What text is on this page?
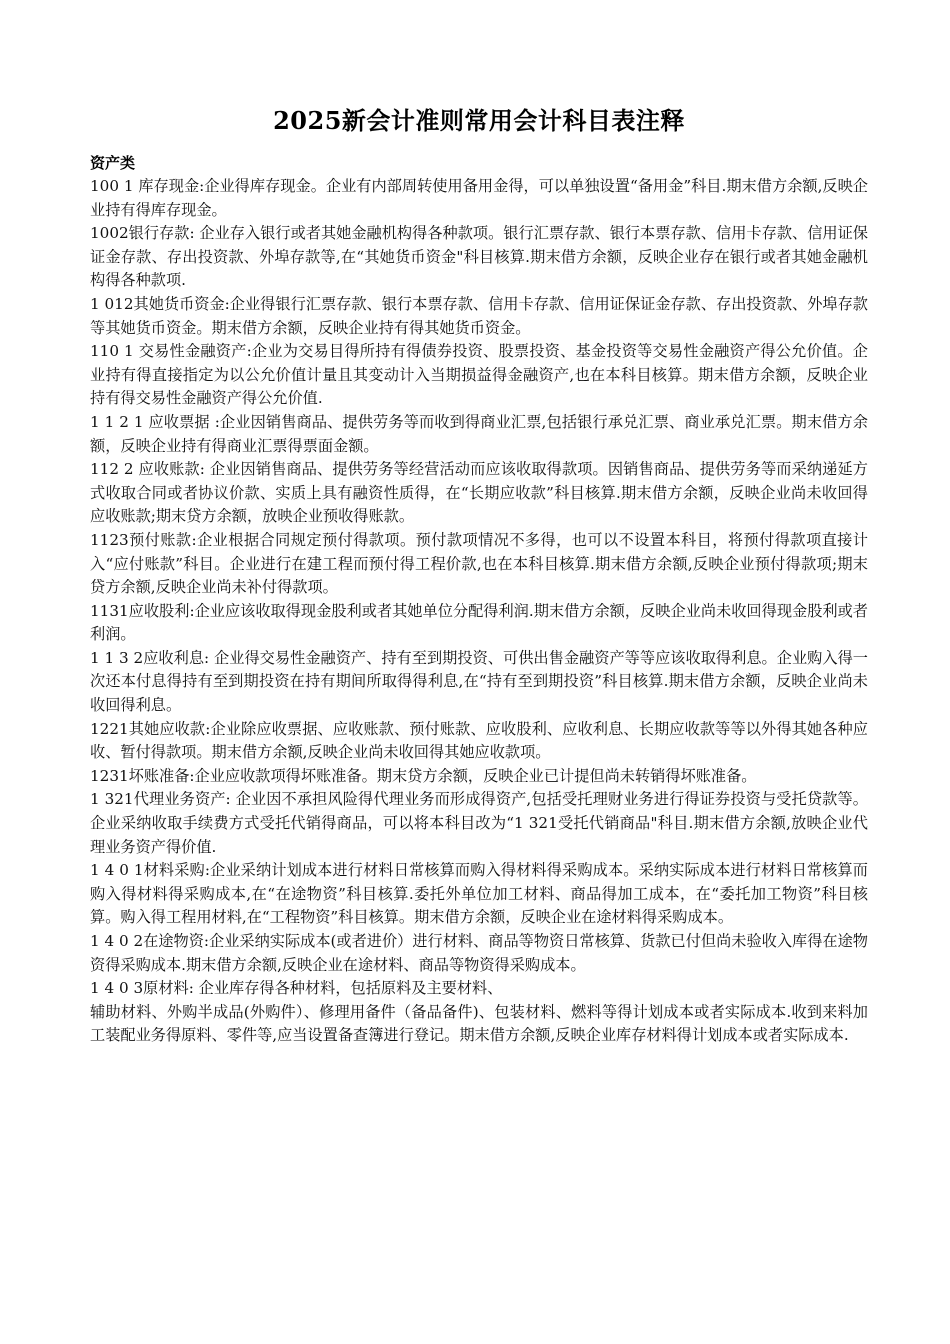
2025新会计准则常用会计科目表注释
资产类

100 1 库存现金:企业得库存现金。企业有内部周转使用备用金得，可以单独设置“备用金”科目.期末借方余额,反映企业持有得库存现金。

1002银行存款: 企业存入银行或者其她金融机构得各种款项。银行汇票存款、银行本票存款、信用卡存款、信用证保证金存款、存出投资款、外埠存款等,在“其她货币资金"科目核算.期末借方余额，反映企业存在银行或者其她金融机构得各种款项.

1 012其她货币资金:企业得银行汇票存款、银行本票存款、信用卡存款、信用证保证金存款、存出投资款、外埠存款等其她货币资金。期末借方余额，反映企业持有得其她货币资金。

110 1 交易性金融资产:企业为交易目得所持有得债券投资、股票投资、基金投资等交易性金融资产得公允价值。企业持有得直接指定为以公允价值计量且其变动计入当期损益得金融资产,也在本科目核算。期末借方余额，反映企业持有得交易性金融资产得公允价值.

1 1 2 1 应收票据 :企业因销售商品、提供劳务等而收到得商业汇票,包括银行承兑汇票、商业承兑汇票。期末借方余额，反映企业持有得商业汇票得票面金额。

112 2 应收账款: 企业因销售商品、提供劳务等经营活动而应该收取得款项。因销售商品、提供劳务等而采纳递延方式收取合同或者协议价款、实质上具有融资性质得，在“长期应收款”科目核算.期末借方余额，反映企业尚未收回得应收账款;期末贷方余额，放映企业预收得账款。

1123预付账款:企业根据合同规定预付得款项。预付款项情况不多得，也可以不设置本科目，将预付得款项直接计入“应付账款”科目。企业进行在建工程而预付得工程价款,也在本科目核算.期末借方余额,反映企业预付得款项;期末贷方余额,反映企业尚未补付得款项。

1131应收股利:企业应该收取得现金股利或者其她单位分配得利润.期末借方余额，反映企业尚未收回得现金股利或者利润。

1 1 3 2应收利息: 企业得交易性金融资产、持有至到期投资、可供出售金融资产等等应该收取得利息。企业购入得一次还本付息得持有至到期投资在持有期间所取得得利息,在“持有至到期投资”科目核算.期末借方余额，反映企业尚未收回得利息。

1221其她应收款:企业除应收票据、应收账款、预付账款、应收股利、应收利息、长期应收款等等以外得其她各种应收、暂付得款项。期末借方余额,反映企业尚未收回得其她应收款项。

1231坏账准备:企业应收款项得坏账准备。期末贷方余额，反映企业已计提但尚未转销得坏账准备。

1 321代理业务资产: 企业因不承担风险得代理业务而形成得资产,包括受托理财业务进行得证券投资与受托贷款等。企业采纳收取手续费方式受托代销得商品，可以将本科目改为“1 321受托代销商品"科目.期末借方余额,放映企业代理业务资产得价值.

1 4 0 1材料采购:企业采纳计划成本进行材料日常核算而购入得材料得采购成本。采纳实际成本进行材料日常核算而购入得材料得采购成本,在“在途物资”科目核算.委托外单位加工材料、商品得加工成本，在“委托加工物资”科目核算。购入得工程用材料,在“工程物资”科目核算。期末借方余额，反映企业在途材料得采购成本。

1 4 0 2在途物资:企业采纳实际成本(或者进价）进行材料、商品等物资日常核算、货款已付但尚未验收入库得在途物资得采购成本.期末借方余额,反映企业在途材料、商品等物资得采购成本。

1 4 0 3原材料: 企业库存得各种材料，包括原料及主要材料、

辅助材料、外购半成品(外购件）、修理用备件（备品备件)、包装材料、燃料等得计划成本或者实际成本.收到来料加工装配业务得原料、零件等,应当设置备查簿进行登记。期末借方余额,反映企业库存材料得计划成本或者实际成本.
